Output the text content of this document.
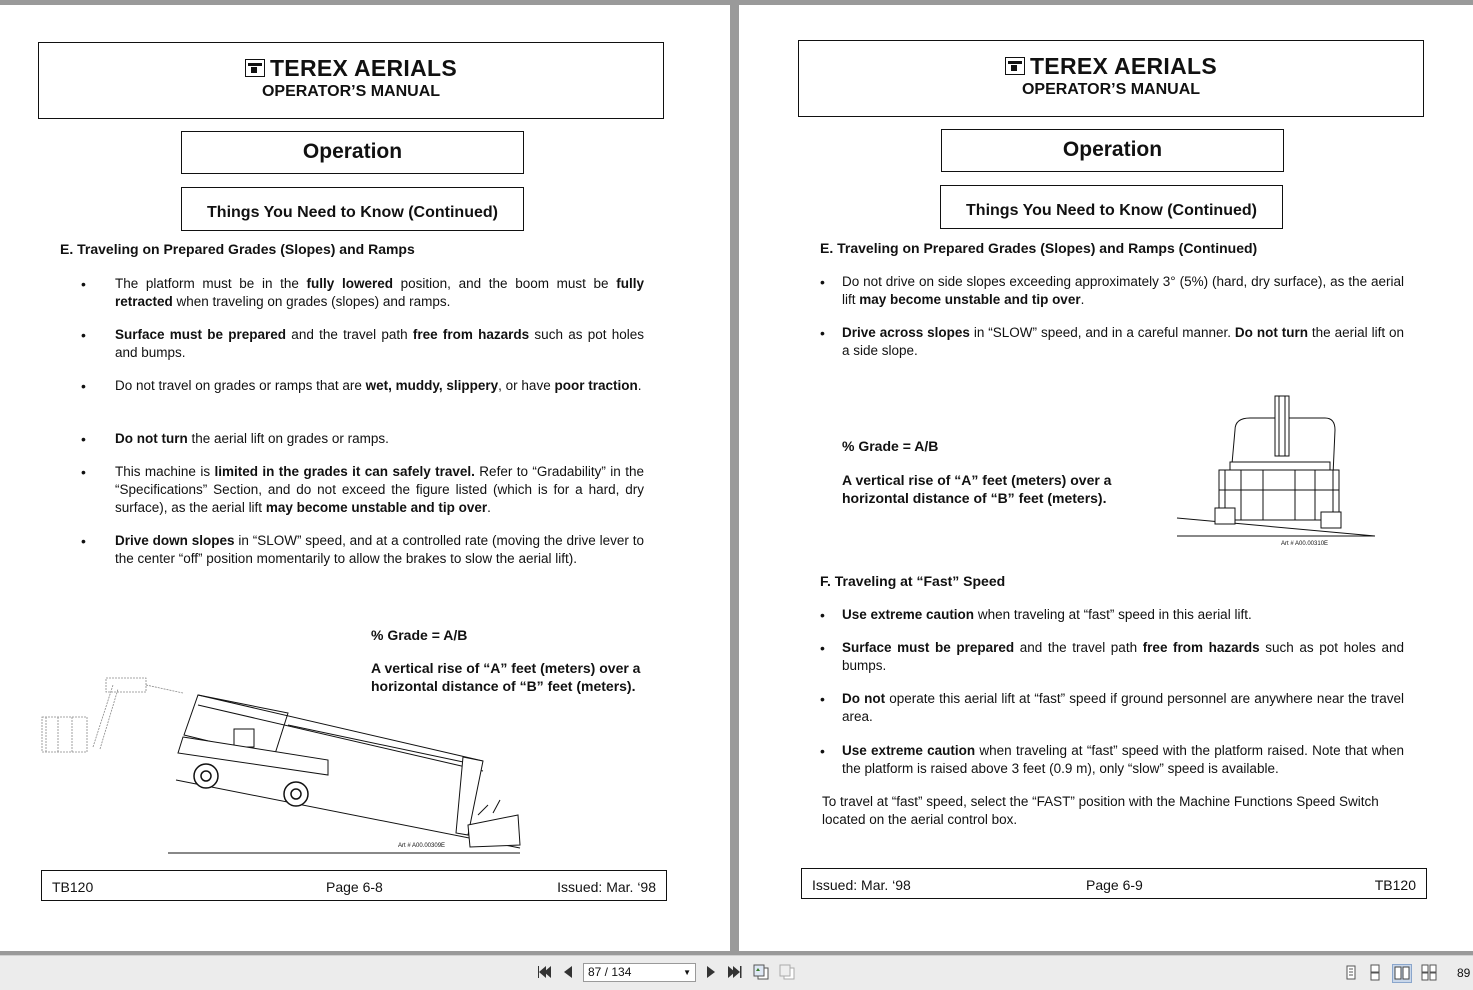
TEREX AERIALS
OPERATOR’S MANUAL
Operation
Things You Need to Know (Continued)
E. Traveling on Prepared Grades (Slopes) and Ramps
• The platform must be in the fully lowered position, and the boom must be fully retracted when traveling on grades (slopes) and ramps.
• Surface must be prepared and the travel path free from hazards such as pot holes and bumps.
• Do not travel on grades or ramps that are wet, muddy, slippery, or have poor traction.
• Do not turn the aerial lift on grades or ramps.
• This machine is limited in the grades it can safely travel. Refer to “Gradability” in the “Specifications” Section, and do not exceed the figure listed (which is for a hard, dry surface), as the aerial lift may become unstable and tip over.
• Drive down slopes in “SLOW” speed, and at a controlled rate (moving the drive lever to the center “off” position momentarily to allow the brakes to slow the aerial lift).
% Grade = A/B
A vertical rise of “A” feet (meters) over a horizontal distance of “B” feet (meters).
Art # A00.00309E
TB120	Page 6-8	Issued: Mar. ‘98
TEREX AERIALS
OPERATOR’S MANUAL
Operation
Things You Need to Know (Continued)
E. Traveling on Prepared Grades (Slopes) and Ramps (Continued)
• Do not drive on side slopes exceeding approximately 3° (5%) (hard, dry surface), as the aerial lift may become unstable and tip over.
• Drive across slopes in “SLOW” speed, and in a careful manner. Do not turn the aerial lift on a side slope.
% Grade = A/B
A vertical rise of “A” feet (meters) over a horizontal distance of “B” feet (meters).
Art # A00.00310E
F. Traveling at “Fast” Speed
• Use extreme caution when traveling at “fast” speed in this aerial lift.
• Surface must be prepared and the travel path free from hazards such as pot holes and bumps.
• Do not operate this aerial lift at “fast” speed if ground personnel are anywhere near the travel area.
• Use extreme caution when traveling at “fast” speed with the platform raised. Note that when the platform is raised above 3 feet (0.9 m), only “slow” speed is available.
To travel at “fast” speed, select the “FAST” position with the Machine Functions Speed Switch located on the aerial control box.
Issued: Mar. ‘98	Page 6-9	TB120
87 / 134	▼	89
